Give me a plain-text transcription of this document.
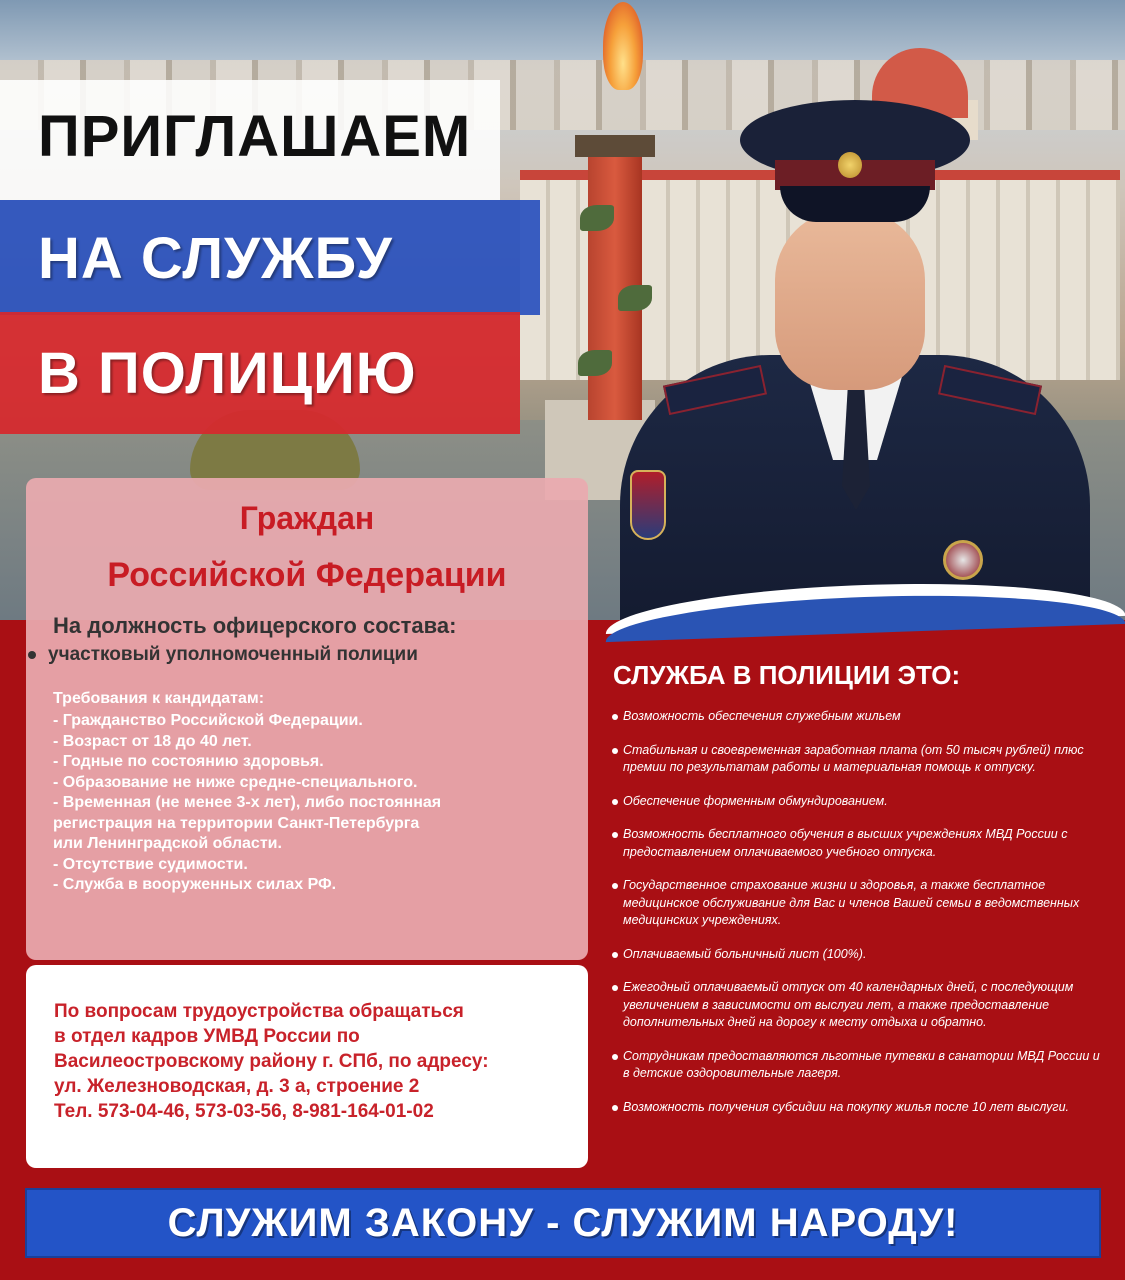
ПРИГЛАШАЕМ
НА СЛУЖБУ
В ПОЛИЦИЮ
Граждан
Российской Федерации
На должность офицерского состава:
участковый уполномоченный полиции
Требования к кандидатам:
- Гражданство Российской Федерации.
- Возраст от 18 до 40 лет.
- Годные по состоянию здоровья.
- Образование не ниже средне-специального.
- Временная (не менее 3-х лет), либо постоянная
регистрация на территории Санкт-Петербурга
или Ленинградской области.
- Отсутствие судимости.
- Служба в вооруженных силах РФ.
По вопросам трудоустройства обращаться
в отдел кадров УМВД России по
Василеостровскому району г. СПб, по адресу:
ул. Железноводская, д. 3 а, строение 2
Тел. 573-04-46, 573-03-56, 8-981-164-01-02
СЛУЖБА В ПОЛИЦИИ ЭТО:
Возможность обеспечения служебным жильем
Стабильная и своевременная заработная плата (от 50 тысяч рублей) плюс премии по результатам работы и материальная помощь к отпуску.
Обеспечение форменным обмундированием.
Возможность бесплатного обучения в высших учреждениях МВД России с предоставлением оплачиваемого учебного отпуска.
Государственное страхование жизни и здоровья, а также бесплатное медицинское обслуживание для Вас и членов Вашей семьи в ведомственных медицинских учреждениях.
Оплачиваемый больничный лист (100%).
Ежегодный оплачиваемый отпуск от 40 календарных дней, с последующим увеличением в зависимости от выслуги лет, а также предоставление дополнительных дней на дорогу к месту отдыха и обратно.
Сотрудникам предоставляются льготные путевки в санатории МВД России и в детские оздоровительные лагеря.
Возможность получения субсидии на покупку жилья после 10 лет выслуги.
СЛУЖИМ ЗАКОНУ - СЛУЖИМ НАРОДУ!
